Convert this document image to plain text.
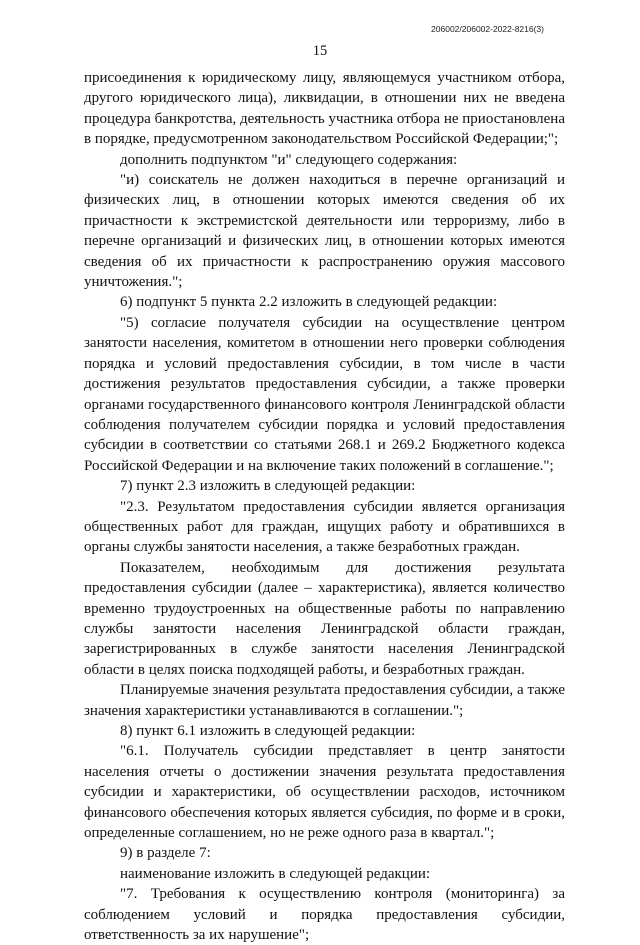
206002/206002-2022-8216(3)
15

присоединения к юридическому лицу, являющемуся участником отбора, другого юридического лица), ликвидации, в отношении них не введена процедура банкротства, деятельность участника отбора не приостановлена в порядке, предусмотренном законодательством Российской Федерации;";

дополнить подпунктом "и" следующего содержания:

"и) соискатель не должен находиться в перечне организаций и физических лиц, в отношении которых имеются сведения об их причастности к экстремистской деятельности или терроризму, либо в перечне организаций и физических лиц, в отношении которых имеются сведения об их причастности к распространению оружия массового уничтожения.";

6) подпункт 5 пункта 2.2 изложить в следующей редакции:

"5) согласие получателя субсидии на осуществление центром занятости населения, комитетом в отношении него проверки соблюдения порядка и условий предоставления субсидии, в том числе в части достижения результатов предоставления субсидии, а также проверки органами государственного финансового контроля Ленинградской области соблюдения получателем субсидии порядка и условий предоставления субсидии в соответствии со статьями 268.1 и 269.2 Бюджетного кодекса Российской Федерации и на включение таких положений в соглашение.";

7) пункт 2.3 изложить в следующей редакции:

"2.3. Результатом предоставления субсидии является организация общественных работ для граждан, ищущих работу и обратившихся в органы службы занятости населения, а также безработных граждан.

Показателем, необходимым для достижения результата предоставления субсидии (далее – характеристика), является количество временно трудоустроенных на общественные работы по направлению службы занятости населения Ленинградской области граждан, зарегистрированных в службе занятости населения Ленинградской области в целях поиска подходящей работы, и безработных граждан.

Планируемые значения результата предоставления субсидии, а также значения характеристики устанавливаются в соглашении.";

8) пункт 6.1 изложить в следующей редакции:

"6.1. Получатель субсидии представляет в центр занятости населения отчеты о достижении значения результата предоставления субсидии и характеристики, об осуществлении расходов, источником финансового обеспечения которых является субсидия, по форме и в сроки, определенные соглашением, но не реже одного раза в квартал.";

9) в разделе 7:

наименование изложить в следующей редакции:

"7. Требования к осуществлению контроля (мониторинга) за соблюдением условий и порядка предоставления субсидии, ответственность за их нарушение";
